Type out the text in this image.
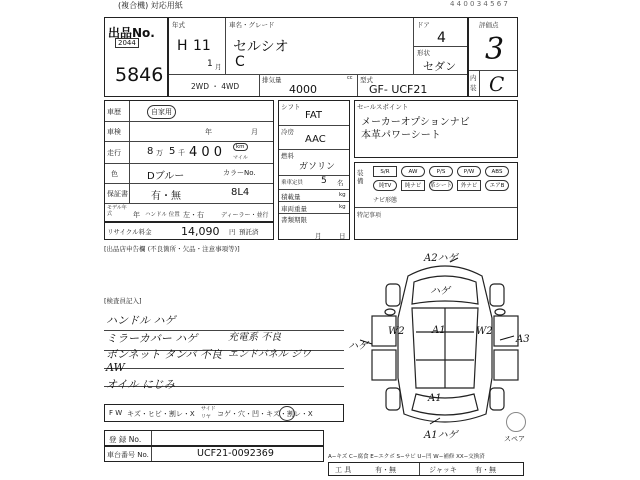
(複合機) 対応用紙	4 4 0 0 3 4 5 6 7
出品No.
2044
5846
年式
H 11
1 月
車名・グレード
セルシオ
C
ドア
4
形状
セダン
2WD ・ 4WD
排気量	cc
4000
型式
GF- UCF21
評価点
3
内
装 C
車歴	自家用
車検	年	月
走行	8 万 5 千 4 0 0	km
マイル
色	Dブルー	カラーNo.
保証書 有・無	8L4
モデル年式	年 ハンドル 位置 左・右	ディーラー・並行
リサイクル料金	14,090 円 預託済
[出品店申告欄 (不良箇所・欠品・注意事項等)]
シフト
FAT
冷房
AAC
燃料
ガソリン
乗車定員 5 名
積載量	kg
車両重量	kg
書類期限
月	日
セールスポイント
メーカーオプションナビ
本革パワーシート
装備
S/R	AW	P/S	P/W	ABS
純TV	純ナビ	革シート	外ナビ	エアB
ナビ形態
特記事項
[検査員記入]
ハンドル ハゲ
ミラーカバー ハゲ
ボンネット タンパ 不良
AW
オイル にじみ
充電系 不良
エンドパネル ジワ
A2ハゲ
ハゲ
ハゲ
W2	W2
A3
A1
A1
A1ハゲ	スペア
F W キズ・ヒビ・割レ・X
サイド
リヤ コゲ・穴・凹・キズ・割レ・X
登 録 No.
車台番号 No.	UCF21-0092369	A−キズ C−腐食 E−エクボ S−サビ U−凹 W−補修 XX−交換済
工 具	有・無	ジャッキ	有・無
